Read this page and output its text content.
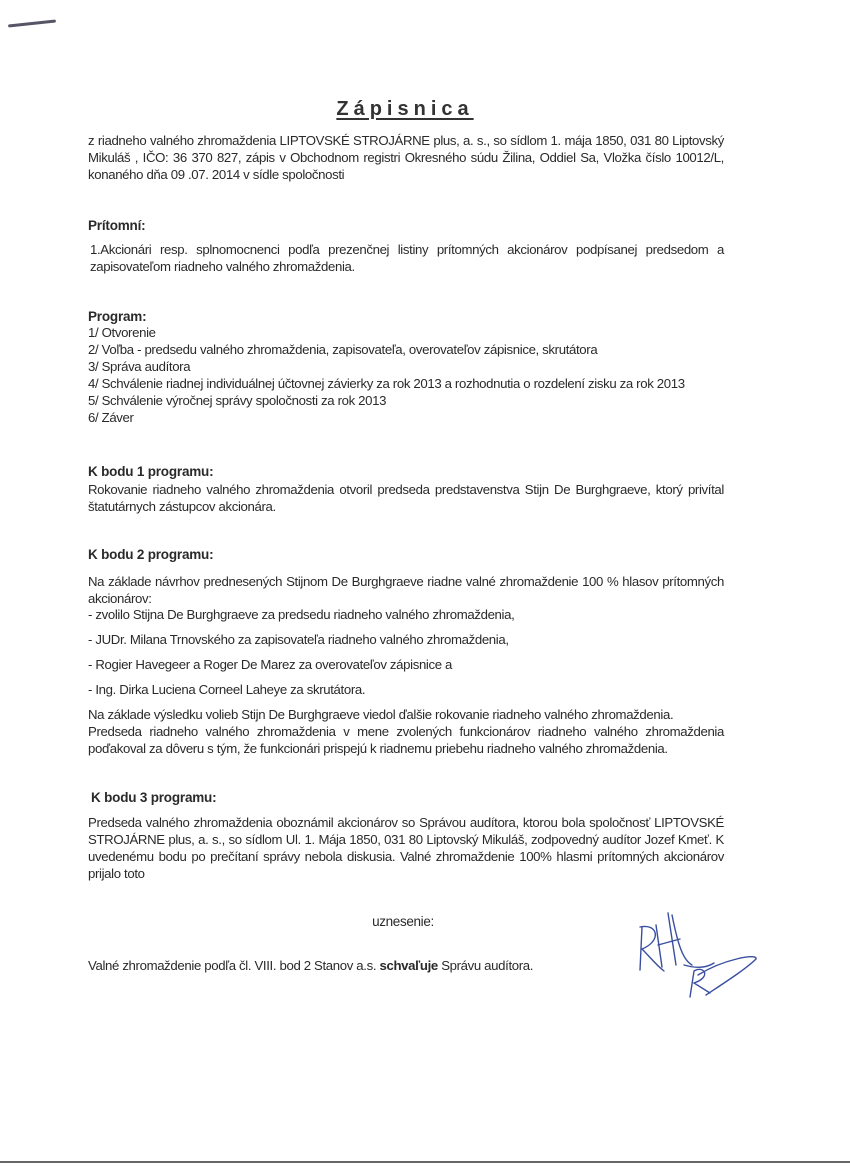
Zápisnica
z riadneho valného zhromaždenia LIPTOVSKÉ STROJÁRNE plus, a. s., so sídlom 1. mája 1850, 031 80 Liptovský Mikuláš , IČO: 36 370 827, zápis v Obchodnom registri Okresného súdu Žilina, Oddiel Sa, Vložka číslo 10012/L, konaného dňa 09 .07. 2014 v sídle spoločnosti
Prítomní:
1.Akcionári resp. splnomocnenci podľa prezenčnej listiny prítomných akcionárov podpísanej predsedom a zapisovateľom riadneho valného zhromaždenia.
Program:
1/ Otvorenie
2/ Voľba - predsedu valného zhromaždenia, zapisovateľa, overovateľov zápisnice, skrutátora
3/ Správa audítora
4/ Schválenie riadnej individuálnej účtovnej závierky za rok 2013 a rozhodnutia o rozdelení zisku za rok 2013
5/ Schválenie výročnej správy spoločnosti za rok 2013
6/ Záver
K bodu 1 programu:
Rokovanie riadneho valného zhromaždenia otvoril predseda predstavenstva Stijn De Burghgraeve, ktorý privítal štatutárnych zástupcov akcionára.
K bodu 2 programu:
Na základe návrhov prednesených Stijnom De Burghgraeve riadne valné zhromaždenie 100 % hlasov prítomných akcionárov:
- zvolilo Stijna De Burghgraeve za predsedu riadneho valného zhromaždenia,
- JUDr. Milana Trnovského za zapisovateľa riadneho valného zhromaždenia,
- Rogier Havegeer a Roger De Marez za overovateľov zápisnice a
- Ing. Dirka Luciena Corneel Laheye za skrutátora.
Na základe výsledku volieb Stijn De Burghgraeve viedol ďalšie rokovanie riadneho valného zhromaždenia.
Predseda riadneho valného zhromaždenia v mene zvolených funkcionárov riadneho valného zhromaždenia poďakoval za dôveru s tým, že funkcionári prispejú k riadnemu priebehu riadneho valného zhromaždenia.
K bodu 3 programu:
Predseda valného zhromaždenia oboznámil akcionárov so Správou audítora, ktorou bola spoločnosť LIPTOVSKÉ STROJÁRNE plus, a. s., so sídlom Ul. 1. Mája 1850, 031 80 Liptovský Mikuláš, zodpovedný audítor Jozef Kmeť. K uvedenému bodu po prečítaní správy nebola diskusia. Valné zhromaždenie 100% hlasmi prítomných akcionárov prijalo toto
uznesenie:
Valné zhromaždenie podľa čl. VIII. bod 2 Stanov a.s. schvaľuje Správu audítora.
